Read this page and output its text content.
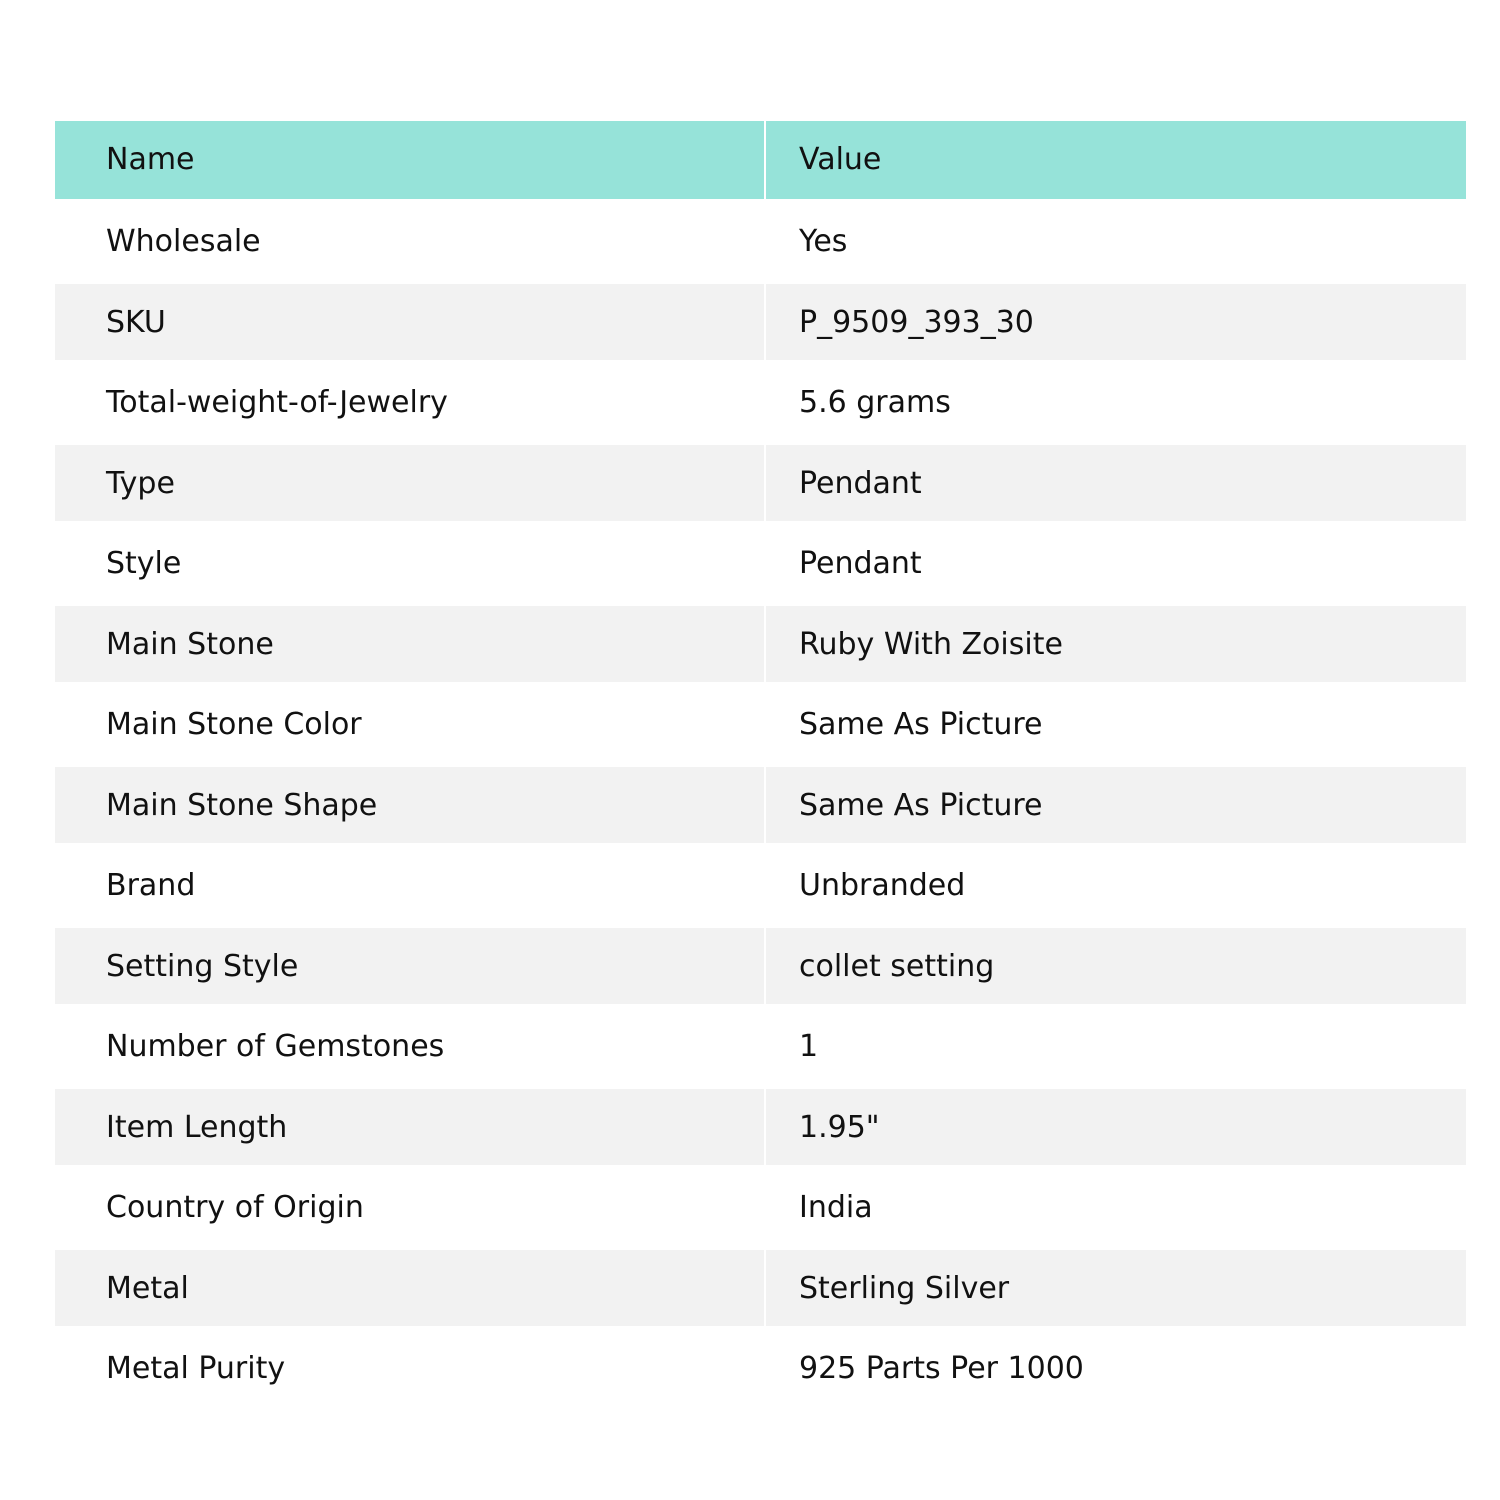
Name	Value
Wholesale	Yes
SKU	P_9509_393_30
Total-weight-of-Jewelry	5.6 grams
Type	Pendant
Style	Pendant
Main Stone	Ruby With Zoisite
Main Stone Color	Same As Picture
Main Stone Shape	Same As Picture
Brand	Unbranded
Setting Style	collet setting
Number of Gemstones	1
Item Length	1.95"
Country of Origin	India
Metal	Sterling Silver
Metal Purity	925 Parts Per 1000
